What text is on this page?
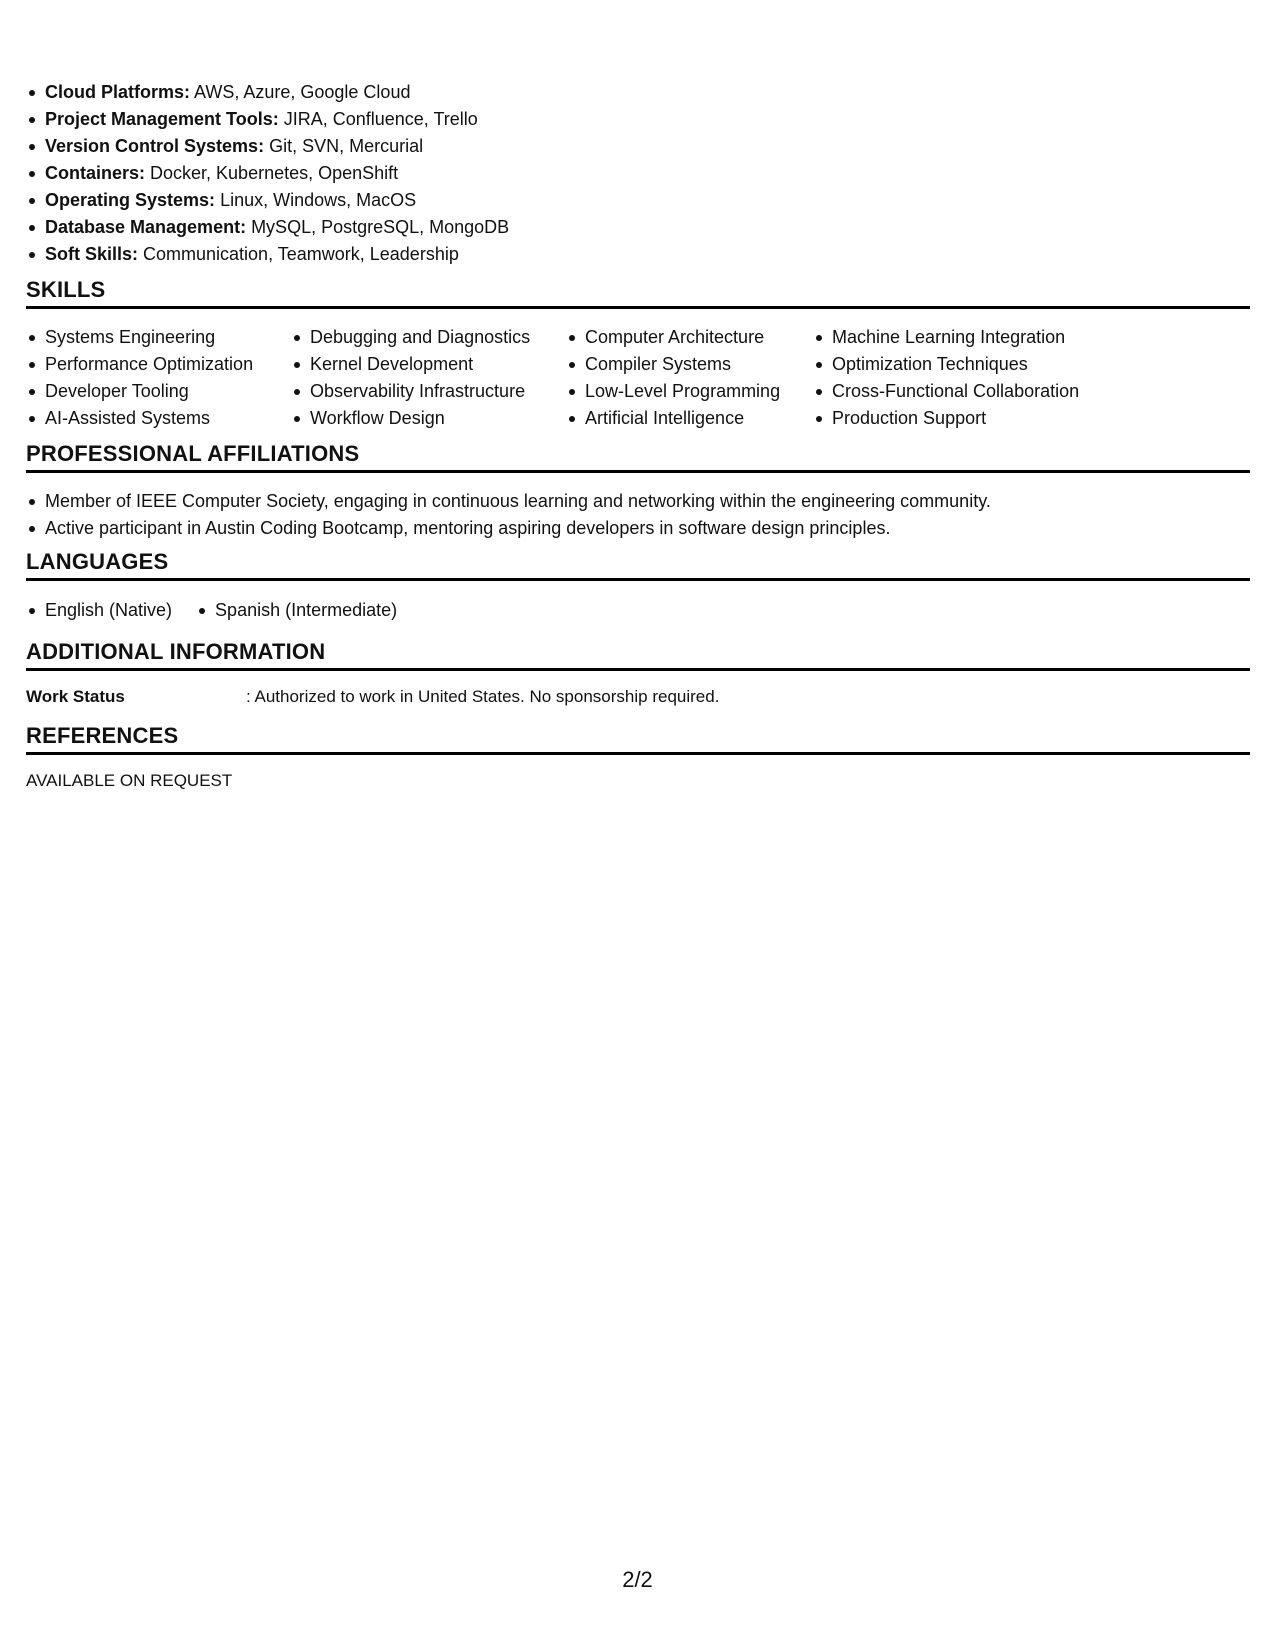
Cloud Platforms: AWS, Azure, Google Cloud
Project Management Tools: JIRA, Confluence, Trello
Version Control Systems: Git, SVN, Mercurial
Containers: Docker, Kubernetes, OpenShift
Operating Systems: Linux, Windows, MacOS
Database Management: MySQL, PostgreSQL, MongoDB
Soft Skills: Communication, Teamwork, Leadership
SKILLS
Systems Engineering
Performance Optimization
Developer Tooling
AI-Assisted Systems
Debugging and Diagnostics
Kernel Development
Observability Infrastructure
Workflow Design
Computer Architecture
Compiler Systems
Low-Level Programming
Artificial Intelligence
Machine Learning Integration
Optimization Techniques
Cross-Functional Collaboration
Production Support
PROFESSIONAL AFFILIATIONS
Member of IEEE Computer Society, engaging in continuous learning and networking within the engineering community.
Active participant in Austin Coding Bootcamp, mentoring aspiring developers in software design principles.
LANGUAGES
English (Native)	Spanish (Intermediate)
ADDITIONAL INFORMATION
Work Status	: Authorized to work in United States. No sponsorship required.
REFERENCES
AVAILABLE ON REQUEST
2/2
